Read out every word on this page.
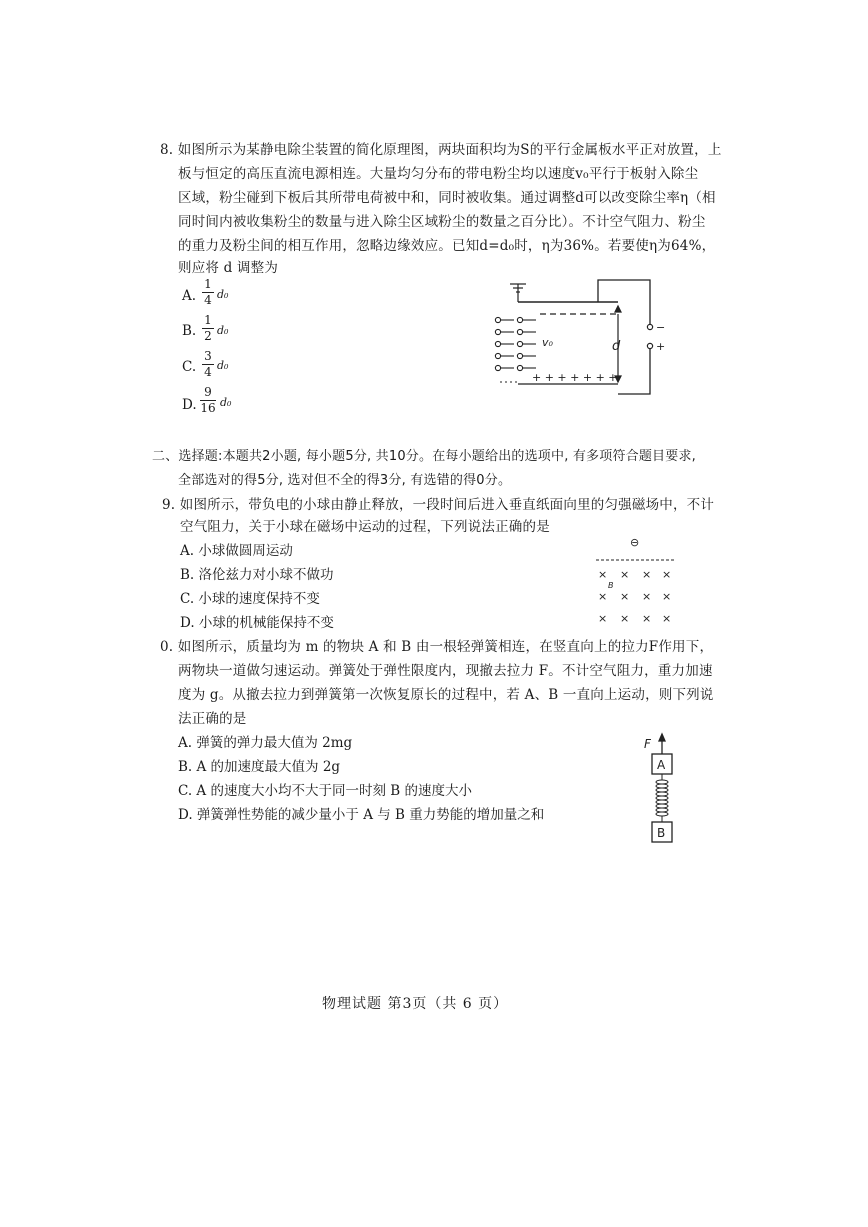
8. 如图所示为某静电除尘装置的简化原理图，两块面积均为S的平行金属板水平正对放置，上
板与恒定的高压直流电源相连。大量均匀分布的带电粉尘均以速度v₀平行于板射入除尘
区域，粉尘碰到下板后其所带电荷被中和，同时被收集。通过调整d可以改变除尘率η（相
同时间内被收集粉尘的数量与进入除尘区域粉尘的数量之百分比）。不计空气阻力、粉尘
的重力及粉尘间的相互作用，忽略边缘效应。已知d=d₀时，η为36%。若要使η为64%，
则应将 d 调整为
A.
1
4 d₀
B.
1
2 d₀
C.
3
4 d₀
D.
9
16 d₀
−
+
d
v₀
+ + + + + + +
二、选择题:本题共2小题, 每小题5分, 共10分。在每小题给出的选项中, 有多项符合题目要求,
全部选对的得5分, 选对但不全的得3分, 有选错的得0分。
9. 如图所示，带负电的小球由静止释放，一段时间后进入垂直纸面向里的匀强磁场中，不计
空气阻力，关于小球在磁场中运动的过程，下列说法正确的是
A. 小球做圆周运动
B. 洛伦兹力对小球不做功
C. 小球的速度保持不变
D. 小球的机械能保持不变
⊖
× × × ×
× × × ×
× × × ×
B
0. 如图所示，质量均为 m 的物块 A 和 B 由一根轻弹簧相连，在竖直向上的拉力F作用下，
两物块一道做匀速运动。弹簧处于弹性限度内，现撤去拉力 F。不计空气阻力，重力加速
度为 g。从撤去拉力到弹簧第一次恢复原长的过程中，若 A、B 一直向上运动，则下列说
法正确的是
A. 弹簧的弹力最大值为 2mg
B. A 的加速度最大值为 2g
C. A 的速度大小均不大于同一时刻 B 的速度大小
D. 弹簧弹性势能的减少量小于 A 与 B 重力势能的增加量之和
F
A
B
物理试题 第3页（共 6 页）
